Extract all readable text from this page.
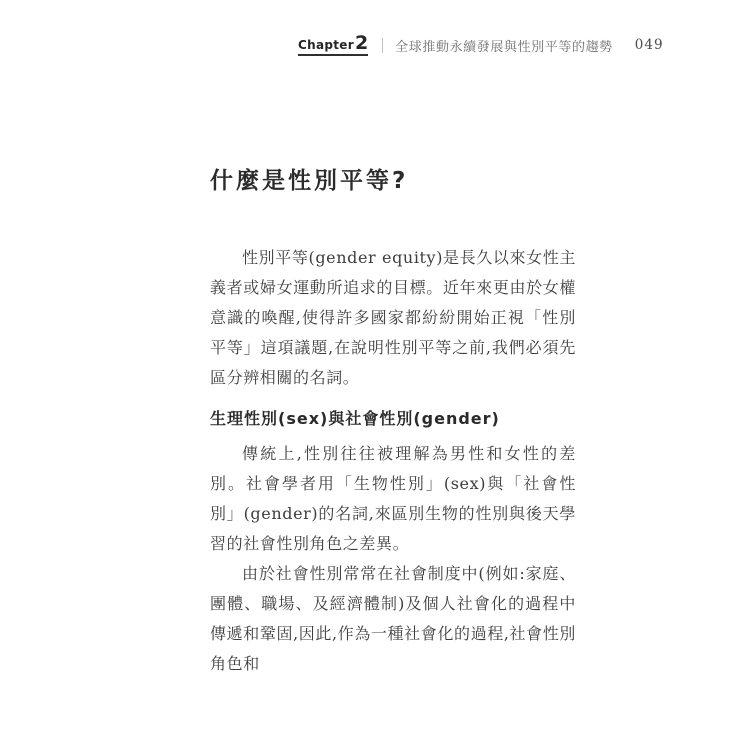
Chapter 2 全球推動永續發展與性別平等的趨勢 049
什麼是性別平等?

性別平等(gender equity)是長久以來女性主義者或婦女運動所追求的目標。近年來更由於女權意識的喚醒,使得許多國家都紛紛開始正視「性別平等」這項議題,在說明性別平等之前,我們必須先區分辨相關的名詞。

生理性別(sex)與社會性別(gender)

傳統上,性別往往被理解為男性和女性的差別。社會學者用「生物性別」(sex)與「社會性別」(gender)的名詞,來區別生物的性別與後天學習的社會性別角色之差異。

由於社會性別常常在社會制度中(例如:家庭、團體、職場、及經濟體制)及個人社會化的過程中傳遞和鞏固,因此,作為一種社會化的過程,社會性別角色和
